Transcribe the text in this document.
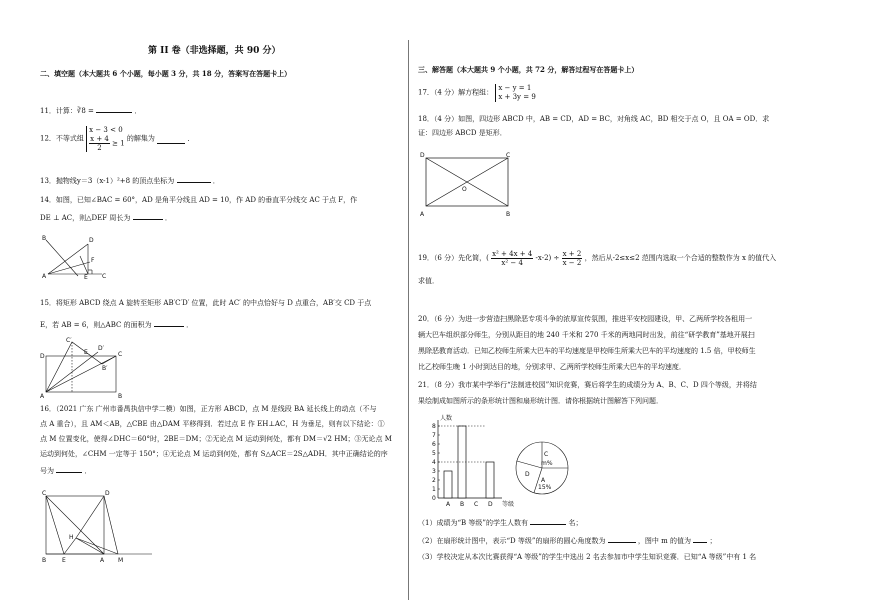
第 II 卷（非选择题，共 90 分）
二、填空题（本大题共 6 个小题，每小题 3 分，共 18 分，答案写在答题卡上）
11．计算：∛8 =	．
12．不等式组
x − 3 < 0
$\frac{x + 4}{2} \ge 1$
的解集为	．
13．抛物线y＝3（x-1）²+8 的顶点坐标为	．
14．如图，已知∠BAC = 60°，AD 是角平分线且 AD = 10，作 AD 的垂直平分线交 AC 于点 F，作
DE ⊥ AC，则△DEF 周长为	．
A
B	D
C
E
F
15．将矩形 ABCD 绕点 A 旋转至矩形 AB′C′D′ 位置，此时 AC′ 的中点恰好与 D 点重合，AB′交 CD 于点
E，若 AB = 6，则△ABC 的面积为	．
A	B
C
D
E
C′
D′
B′
16．（2021 广东 广州市番禺执信中学二模）如图，正方形 ABCD，点 M 是线段 BA 延长线上的动点（不与
点 A 重合），且 AM＜AB，△CBE 由△DAM 平移得到．若过点 E 作 EH⊥AC，H 为垂足，则有以下结论：①
点 M 位置变化，使得∠DHC＝60°时，2BE＝DM；②无论点 M 运动到何处，都有 DM＝√2 HM；③无论点 M
运动到何处，∠CHM 一定等于 150°；④无论点 M 运动到何处，都有 S△ACE＝2S△ADH．其中正确结论的序
号为	．
C	D
B	E	A M
H
三、解答题（本大题共 9 个小题，共 72 分，解答过程写在答题卡上）
17．（4 分）解方程组：
x − y = 1
x + 3y = 9
18．（4 分）如图，四边形 ABCD 中，AB = CD，AD = BC，对角线 AC，BD 相交于点 O，且 OA = OD．求
证：四边形 ABCD 是矩形．
D	C
A	B
O
19．（6 分）先化简，( $\frac{\text{x² + 4x + 4}}{\text{x² − 4}} -x-2) \div \frac{x + 2}{x - 2}$ ，然后从-2≤x≤2 范围内选取一个合适的整数作为 x 的值代入
求值．
20．（6 分）为进一步营造扫黑除恶专项斗争的浓厚宣传氛围，推进平安校园建设，甲、乙两所学校各租用一
辆大巴车组织部分师生，分别从距目的地 240 千米和 270 千米的两地同时出发，前往“研学教育”基地开展扫
黑除恶教育活动．已知乙校师生所乘大巴车的平均速度是甲校师生所乘大巴车的平均速度的 1.5 倍，甲校师生
比乙校师生晚 1 小时到达目的地，分别求甲、乙两所学校师生所乘大巴车的平均速度．
21．（8 分）我市某中学举行“法制进校园”知识竞赛，赛后将学生的成绩分为 A、B、C、D 四个等级，并将结
果绘制成如图所示的条形统计图和扇形统计图．请你根据统计图解答下列问题．
人数
等级
0
1
2
3
4
5
6
7
8
A B C D
C
m%
D
A
15%
（1）成绩为“B 等级”的学生人数有	名；
（2）在扇形统计图中，表示“D 等级”的扇形的圆心角度数为	，图中 m 的值为	；
（3）学校决定从本次比赛获得“A 等级”的学生中选出 2 名去参加市中学生知识竞赛．已知“A 等级”中有 1 名
